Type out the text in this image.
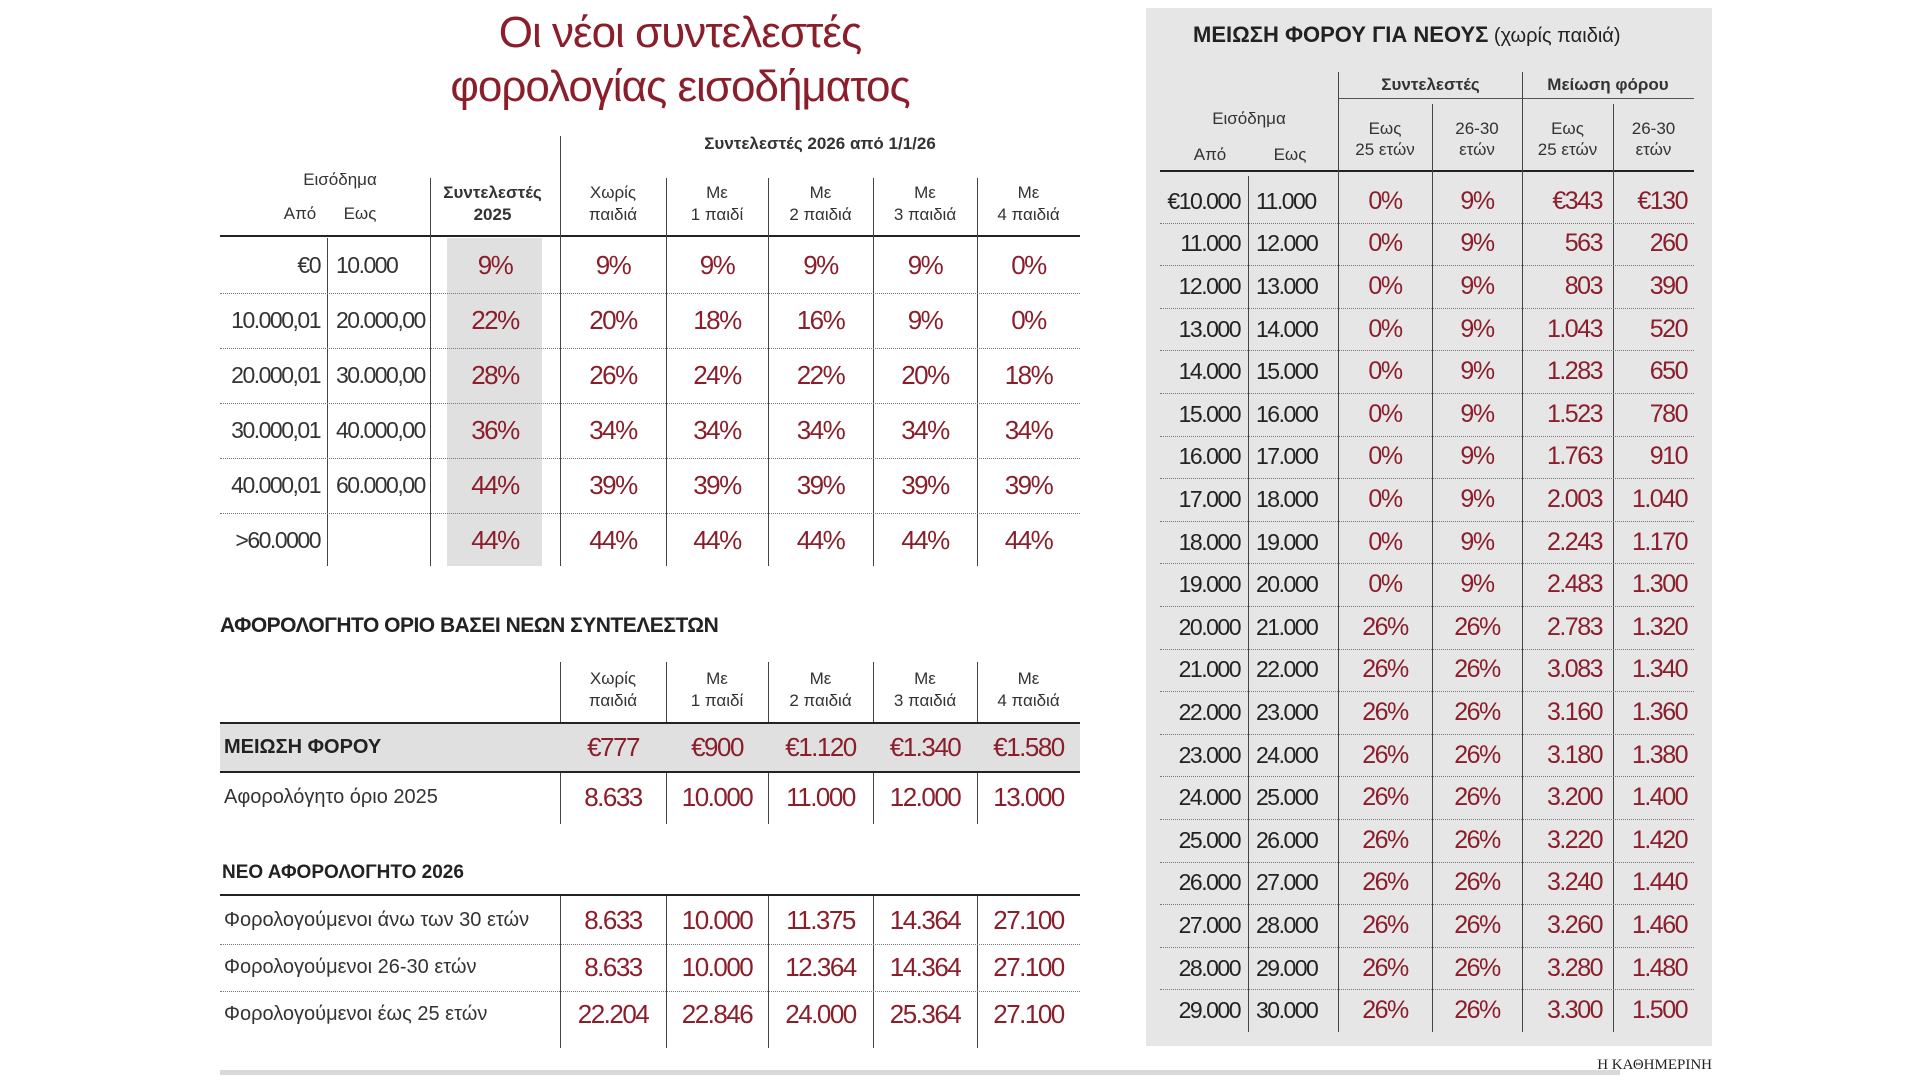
Οι νέοι συντελεστές
φορολογίας εισοδήματος
Εισόδημα
Από	Εως
Συντελεστές
2025
Συντελεστές 2026 από 1/1/26
Χωρίς
παιδιά
Με
1 παιδί
Με
2 παιδιά
Με
3 παιδιά
Με
4 παιδιά
€0 10.000	9%	9%	9%	9%	9%	0%
10.000,01 20.000,00	22%	20%	18%	16%	9%	0%
20.000,01 30.000,00	28%	26%	24%	22%	20%	18%
30.000,01 40.000,00	36%	34%	34%	34%	34%	34%
40.000,01 60.000,00	44%	39%	39%	39%	39%	39%
>60.0000	44%	44%	44%	44%	44%	44%
ΑΦΟΡΟΛΟΓΗΤΟ ΟΡΙΟ ΒΑΣΕΙ ΝΕΩΝ ΣΥΝΤΕΛΕΣΤΩΝ
Χωρίς
παιδιά
Με
1 παιδί
Με
2 παιδιά
Με
3 παιδιά
Με
4 παιδιά
ΜΕΙΩΣΗ ΦΟΡΟΥ	€777	€900	€1.120	€1.340	€1.580
Αφορολόγητο όριο 2025	8.633	10.000	11.000	12.000	13.000
ΝΕΟ ΑΦΟΡΟΛΟΓΗΤΟ 2026
Φορολογούμενοι άνω των 30 ετών	8.633	10.000	11.375	14.364	27.100
Φορολογούμενοι 26-30 ετών	8.633	10.000	12.364	14.364	27.100
Φορολογούμενοι έως 25 ετών	22.204	22.846	24.000	25.364	27.100
ΜΕΙΩΣΗ ΦΟΡΟΥ ΓΙΑ ΝΕΟΥΣ (χωρίς παιδιά)
Εισόδημα
Από	Εως
Συντελεστές	Μείωση φόρου
Εως
25 ετών
26-30
ετών
Εως
25 ετών
26-30
ετών
€10.000 11.000	0%	9%	€343	€130
11.000 12.000	0%	9%	563	260
12.000 13.000	0%	9%	803	390
13.000 14.000	0%	9%	1.043	520
14.000 15.000	0%	9%	1.283	650
15.000 16.000	0%	9%	1.523	780
16.000 17.000	0%	9%	1.763	910
17.000 18.000	0%	9%	2.003	1.040
18.000 19.000	0%	9%	2.243	1.170
19.000 20.000	0%	9%	2.483	1.300
20.000 21.000	26%	26%	2.783	1.320
21.000 22.000	26%	26%	3.083	1.340
22.000 23.000	26%	26%	3.160	1.360
23.000 24.000	26%	26%	3.180	1.380
24.000 25.000	26%	26%	3.200	1.400
25.000 26.000	26%	26%	3.220	1.420
26.000 27.000	26%	26%	3.240	1.440
27.000 28.000	26%	26%	3.260	1.460
28.000 29.000	26%	26%	3.280	1.480
29.000 30.000	26%	26%	3.300	1.500
Η ΚΑΘΗΜΕΡΙΝΗ
